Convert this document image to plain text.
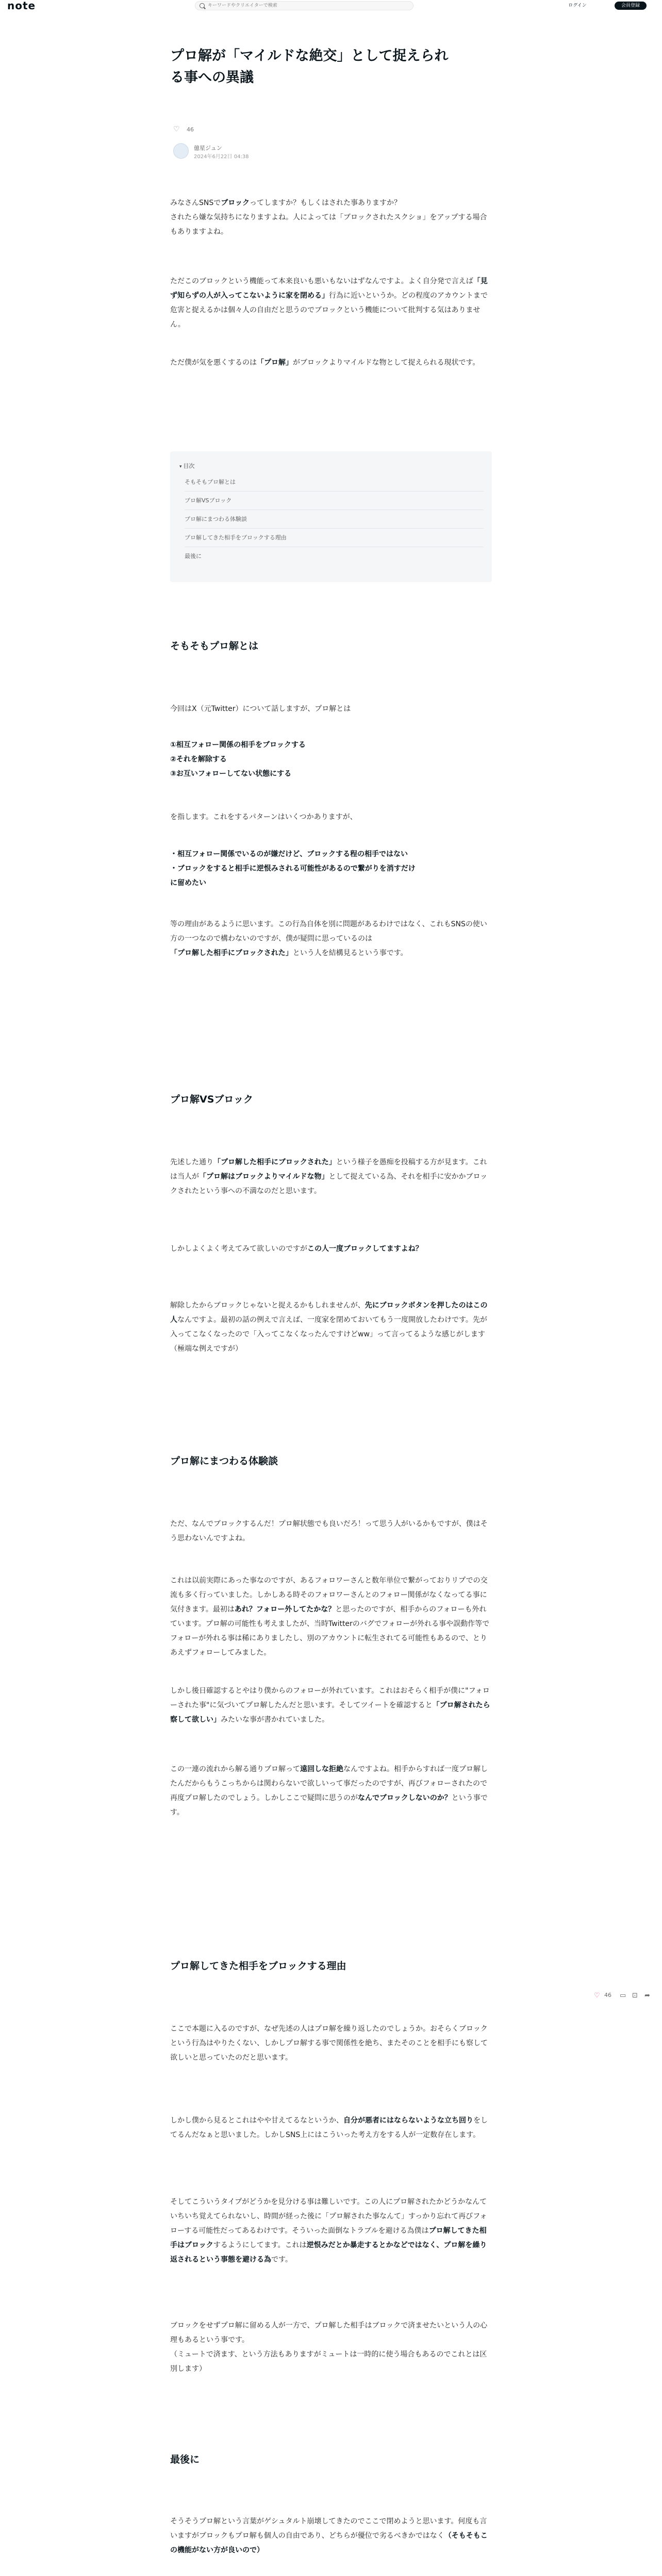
note
キーワードやクリエイターで検索	ログイン	会員登録
プロ解が「マイルドな絶交」として捉えられ
る事への異議
♡ 46
億星ジュン
2024年6月22日 04:38
みなさんSNSでブロックってしますか？もしくはされた事ありますか？
されたら嫌な気持ちになりますよね。人によっては「ブロックされたスクショ」をアップする場合もありますよね。
ただこのブロックという機能って本来良いも悪いもないはずなんですよ。よく自分発で言えば「見ず知らずの人が入ってこないように家を閉める」行為に近いというか。どの程度のアカウントまで危害と捉えるかは個々人の自由だと思うのでブロックという機能について批判する気はありません。
ただ僕が気を悪くするのは「プロ解」がブロックよりマイルドな物として捉えられる現状です。
▾ 目次
そもそもプロ解とは
プロ解VSブロック
プロ解にまつわる体験談
プロ解してきた相手をブロックする理由
最後に
そもそもプロ解とは
今回はX（元Twitter）について話しますが、プロ解とは
①相互フォロー関係の相手をブロックする
②それを解除する
③お互いフォローしてない状態にする
を指します。これをするパターンはいくつかありますが、
・相互フォロー関係でいるのが嫌だけど、ブロックする程の相手ではない
・ブロックをすると相手に逆恨みされる可能性があるので繋がりを消すだけ
に留めたい
等の理由があるように思います。この行為自体を別に問題があるわけではなく、これもSNSの使い方の一つなので構わないのですが、僕が疑問に思っているのは「プロ解した相手にブロックされた」という人を結構見るという事です。
プロ解VSブロック
先述した通り「プロ解した相手にブロックされた」という様子を愚痴を投稿する方が見ます。これは当人が「プロ解はブロックよりマイルドな物」として捉えている為、それを相手に安かかブロックされたという事への不満なのだと思います。
しかしよくよく考えてみて欲しいのですがこの人一度ブロックしてますよね？
解除したからブロックじゃないと捉えるかもしれませんが、先にブロックボタンを押したのはこの人なんですよ。最初の話の例えで言えば、一度家を閉めておいてもう一度開放したわけです。先が入ってこなくなったので「入ってこなくなったんですけどww」って言ってるような感じがします（極端な例えですが）
プロ解にまつわる体験談
ただ、なんでブロックするんだ！プロ解状態でも良いだろ！って思う人がいるかもですが、僕はそう思わないんですよね。
これは以前実際にあった事なのですが、あるフォロワーさんと数年単位で繋がっておりリプでの交流も多く行っていました。しかしある時そのフォロワーさんとのフォロー関係がなくなってる事に気付きます。最初はあれ？フォロー外してたかな？と思ったのですが、相手からのフォローも外れています。プロ解の可能性も考えましたが、当時Twitterのバグでフォローが外れる事や誤動作等でフォローが外れる事は稀にありましたし、別のアカウントに転生されてる可能性もあるので、とりあえずフォローしてみました。
しかし後日確認するとやはり僕からのフォローが外れています。これはおそらく相手が僕に"フォローされた事"に気づいてプロ解したんだと思います。そしてツイートを確認すると「プロ解されたら察して欲しい」みたいな事が書かれていました。
この一連の流れから解る通りプロ解って遠回しな拒絶なんですよね。相手からすれば一度プロ解したんだからもうこっちからは関わらないで欲しいって事だったのですが、再びフォローされたので再度プロ解したのでしょう。しかしここで疑問に思うのがなんでブロックしないのか？という事です。
プロ解してきた相手をブロックする理由
ここで本題に入るのですが、なぜ先述の人はプロ解を繰り返したのでしょうか。おそらくブロックという行為はやりたくない、しかしプロ解する事で関係性を絶ち、またそのことを相手にも察して欲しいと思っていたのだと思います。
しかし僕から見るとこれはやや甘えてるなというか、自分が悪者にはならないような立ち回りをしてるんだなぁと思いました。しかしSNS上にはこういった考え方をする人が一定数存在します。
そしてこういうタイプがどうかを見分ける事は難しいです。この人にプロ解されたかどうかなんていちいち覚えてられないし、時間が経った後に「プロ解された事なんて」すっかり忘れて再びフォローする可能性だってあるわけです。そういった面倒なトラブルを避ける為僕はプロ解してきた相手はブロックするようにしてます。これは逆恨みだとか暴走するとかなどではなく、プロ解を繰り返されるという事態を避ける為です。
ブロックをせずプロ解に留める人が一方で、プロ解した相手はブロックで済ませたいという人の心理もあるという事です。
（ミュートで済ます、という方法もありますがミュートは一時的に使う場合もあるのでこれとは区別します）
最後に
そうそうプロ解という言葉がゲシュタルト崩壊してきたのでここで閉めようと思います。何度も言いますがブロックもプロ解も個人の自由であり、どちらが優位で劣るべきかではなく（そもそもこの機能がない方が良いので）
♡ 46 ▭ ⊡ ➦
